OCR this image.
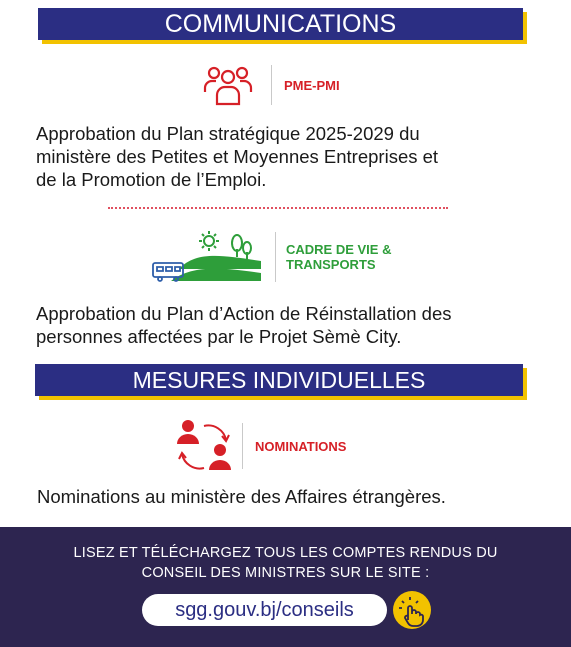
COMMUNICATIONS
PME-PMI
Approbation du Plan stratégique 2025-2029 du
ministère des Petites et Moyennes Entreprises et
de la Promotion de l’Emploi.
CADRE DE VIE &
TRANSPORTS
Approbation du Plan d’Action de Réinstallation des
personnes affectées par le Projet Sèmè City.
MESURES INDIVIDUELLES
NOMINATIONS
Nominations au ministère des Affaires étrangères.
LISEZ ET TÉLÉCHARGEZ TOUS LES COMPTES RENDUS DU
CONSEIL DES MINISTRES SUR LE SITE :
sgg.gouv.bj/conseils
